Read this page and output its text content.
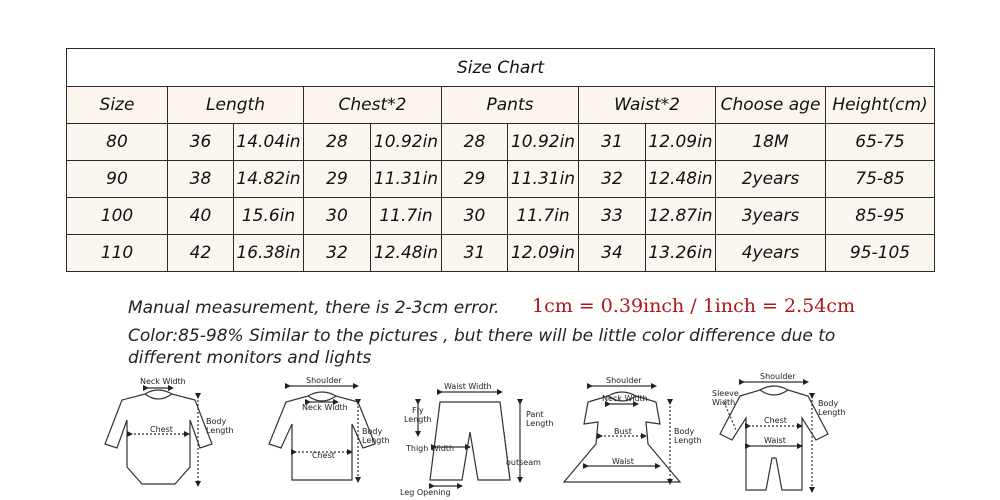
Size Chart										
Size	Length		Chest*2		Pants		Waist*2		Choose age	Height(cm)
80	36	14.04in	28	10.92in	28	10.92in	31	12.09in	18M	65-75
90	38	14.82in	29	11.31in	29	11.31in	32	12.48in	2years	75-85
100	40	15.6in	30	11.7in	30	11.7in	33	12.87in	3years	85-95
110	42	16.38in	32	12.48in	31	12.09in	34	13.26in	4years	95-105
Manual measurement, there is 2-3cm error. 1cm = 0.39inch / 1inch = 2.54cm
Color:85-98% Similar to the pictures , but there will be little color difference due to different monitors and lights
Neck Width
Chest
Body
Length
Shoulder
Neck Width
Chest
Body
Length
Waist Width
Fly
Length
Pant
Length
Thigh Width
outseam
Leg Opening
Shoulder
Neck Width
Bust	Body
Length
Waist
Shoulder
Sleeve
Width
Chest
Waist
Body
Length
